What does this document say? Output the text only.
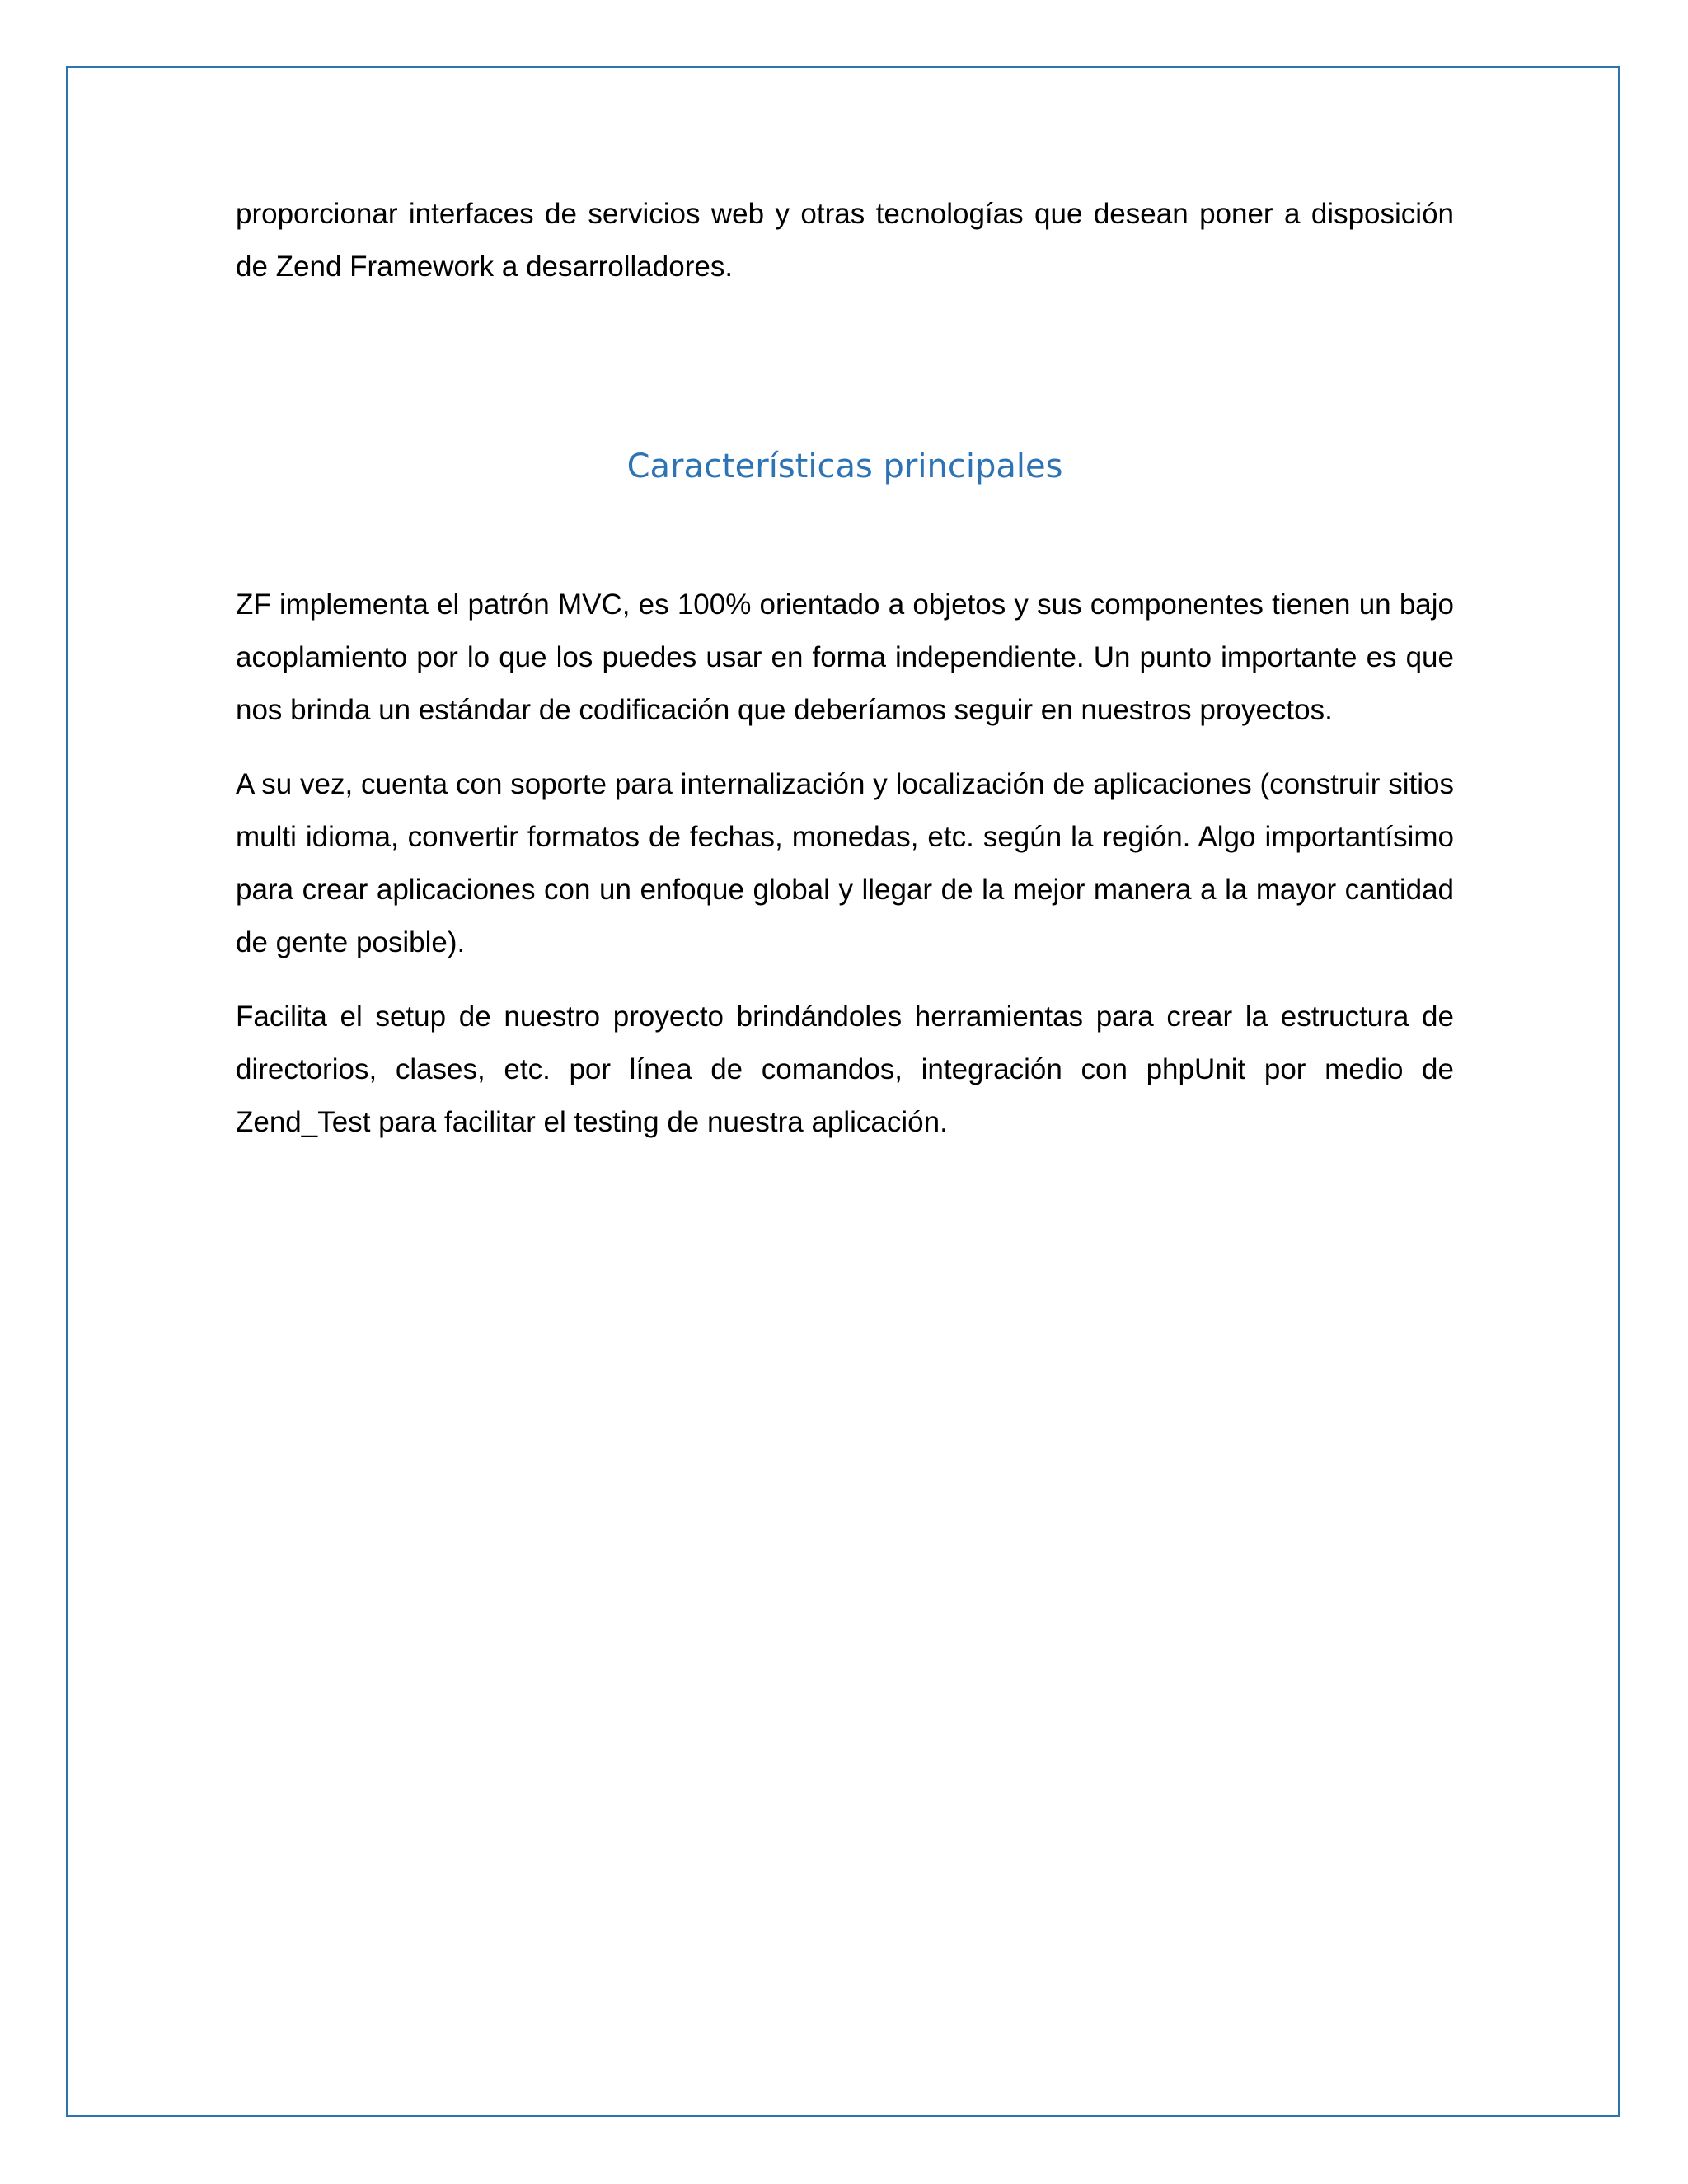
proporcionar interfaces de servicios web y otras tecnologías que desean poner a disposición de Zend Framework a desarrolladores.

Características principales

ZF implementa el patrón MVC, es 100% orientado a objetos y sus componentes tienen un bajo acoplamiento por lo que los puedes usar en forma independiente. Un punto importante es que nos brinda un estándar de codificación que deberíamos seguir en nuestros proyectos.

A su vez, cuenta con soporte para internalización y localización de aplicaciones (construir sitios multi idioma, convertir formatos de fechas, monedas, etc. según la región. Algo importantísimo para crear aplicaciones con un enfoque global y llegar de la mejor manera a la mayor cantidad de gente posible).

Facilita el setup de nuestro proyecto brindándoles herramientas para crear la estructura de directorios, clases, etc. por línea de comandos, integración con phpUnit por medio de Zend_Test para facilitar el testing de nuestra aplicación.
